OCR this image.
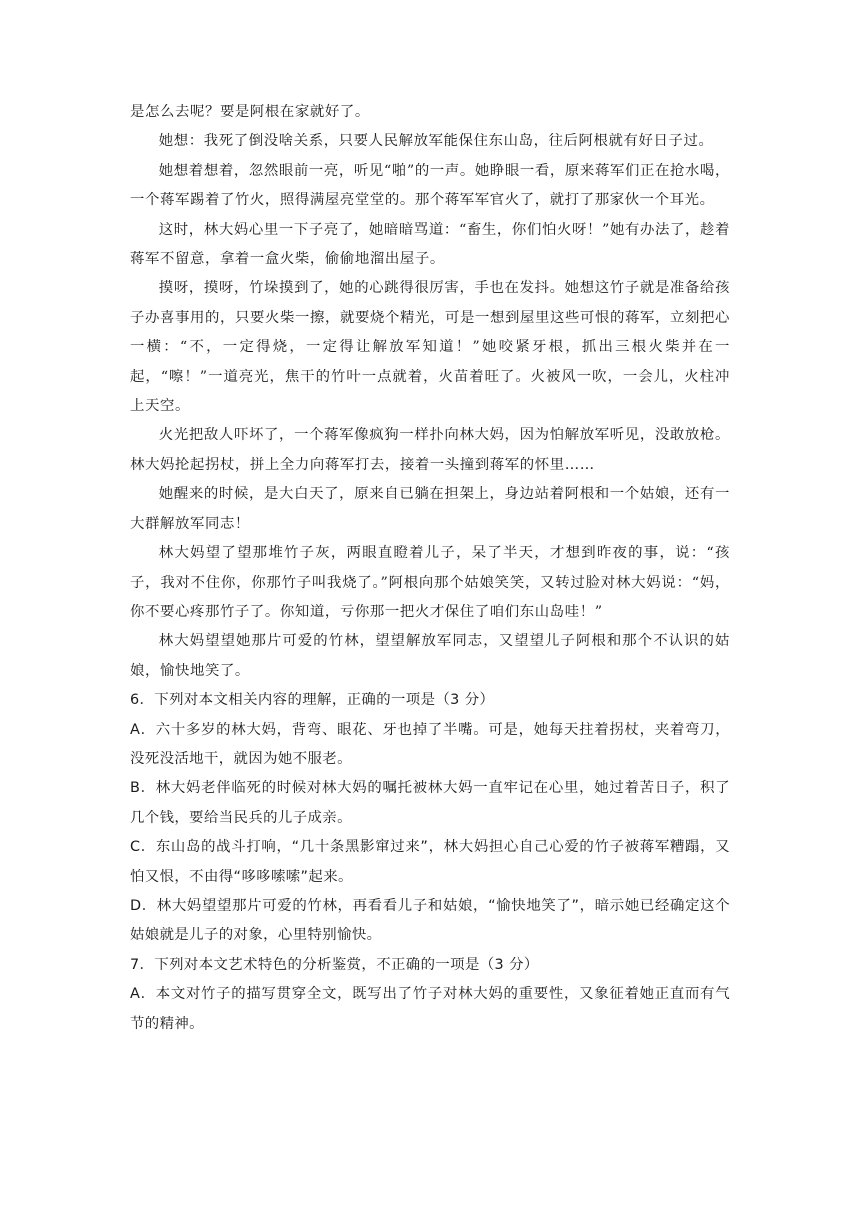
是怎么去呢？要是阿根在家就好了。

她想：我死了倒没啥关系，只要人民解放军能保住东山岛，往后阿根就有好日子过。

她想着想着，忽然眼前一亮，听见“啪”的一声。她睁眼一看，原来蒋军们正在抢水喝，一个蒋军踢着了竹火，照得满屋亮堂堂的。那个蒋军军官火了，就打了那家伙一个耳光。

这时，林大妈心里一下子亮了，她暗暗骂道：“畜生，你们怕火呀！”她有办法了，趁着蒋军不留意，拿着一盒火柴，偷偷地溜出屋子。

摸呀，摸呀，竹垛摸到了，她的心跳得很厉害，手也在发抖。她想这竹子就是准备给孩子办喜事用的，只要火柴一擦，就要烧个精光，可是一想到屋里这些可恨的蒋军，立刻把心一横：“不，一定得烧，一定得让解放军知道！”她咬紧牙根，抓出三根火柴并在一起，“嚓！”一道亮光，焦干的竹叶一点就着，火苗着旺了。火被风一吹，一会儿，火柱冲上天空。

火光把敌人吓坏了，一个蒋军像疯狗一样扑向林大妈，因为怕解放军听见，没敢放枪。林大妈抡起拐杖，拼上全力向蒋军打去，接着一头撞到蒋军的怀里……

她醒来的时候，是大白天了，原来自已躺在担架上，身边站着阿根和一个姑娘，还有一大群解放军同志！

林大妈望了望那堆竹子灰，两眼直瞪着儿子，呆了半天，才想到昨夜的事，说：“孩子，我对不住你，你那竹子叫我烧了。”阿根向那个姑娘笑笑，又转过脸对林大妈说：“妈，你不要心疼那竹子了。你知道，亏你那一把火才保住了咱们东山岛哇！”

林大妈望望她那片可爱的竹林，望望解放军同志，又望望儿子阿根和那个不认识的姑娘，愉快地笑了。

6．下列对本文相关内容的理解，正确的一项是（3 分）

A．六十多岁的林大妈，背弯、眼花、牙也掉了半嘴。可是，她每天拄着拐杖，夹着弯刀，没死没活地干，就因为她不服老。

B．林大妈老伴临死的时候对林大妈的嘱托被林大妈一直牢记在心里，她过着苦日子，积了几个钱，要给当民兵的儿子成亲。

C．东山岛的战斗打响，“几十条黑影窜过来”，林大妈担心自己心爱的竹子被蒋军糟蹋，又怕又恨，不由得“哆哆嗦嗦”起来。

D．林大妈望望那片可爱的竹林，再看看儿子和姑娘，“愉快地笑了”，暗示她已经确定这个姑娘就是儿子的对象，心里特别愉快。

7．下列对本文艺术特色的分析鉴赏，不正确的一项是（3 分）

A．本文对竹子的描写贯穿全文，既写出了竹子对林大妈的重要性，又象征着她正直而有气节的精神。
